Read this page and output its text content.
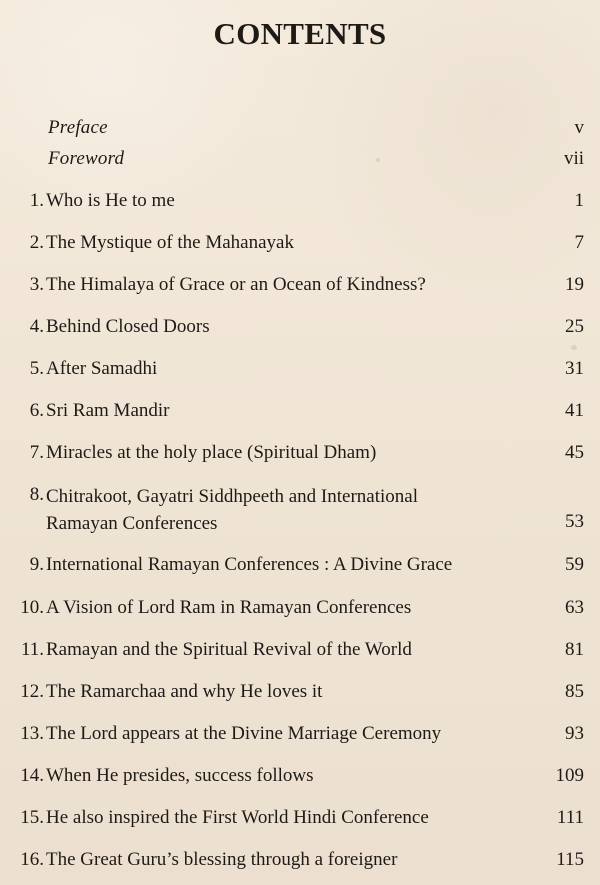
CONTENTS
Preface	v
Foreword	vii
1. Who is He to me	1
2. The Mystique of the Mahanayak	7
3. The Himalaya of Grace or an Ocean of Kindness?	19
4. Behind Closed Doors	25
5. After Samadhi	31
6. Sri Ram Mandir	41
7. Miracles at the holy place (Spiritual Dham)	45
8. Chitrakoot, Gayatri Siddhpeeth and International
Ramayan Conferences	53
9. International Ramayan Conferences : A Divine Grace	59
10. A Vision of Lord Ram in Ramayan Conferences	63
11. Ramayan and the Spiritual Revival of the World	81
12. The Ramarchaa and why He loves it	85
13. The Lord appears at the Divine Marriage Ceremony	93
14. When He presides, success follows	109
15. He also inspired the First World Hindi Conference	111
16. The Great Guru’s blessing through a foreigner	115
